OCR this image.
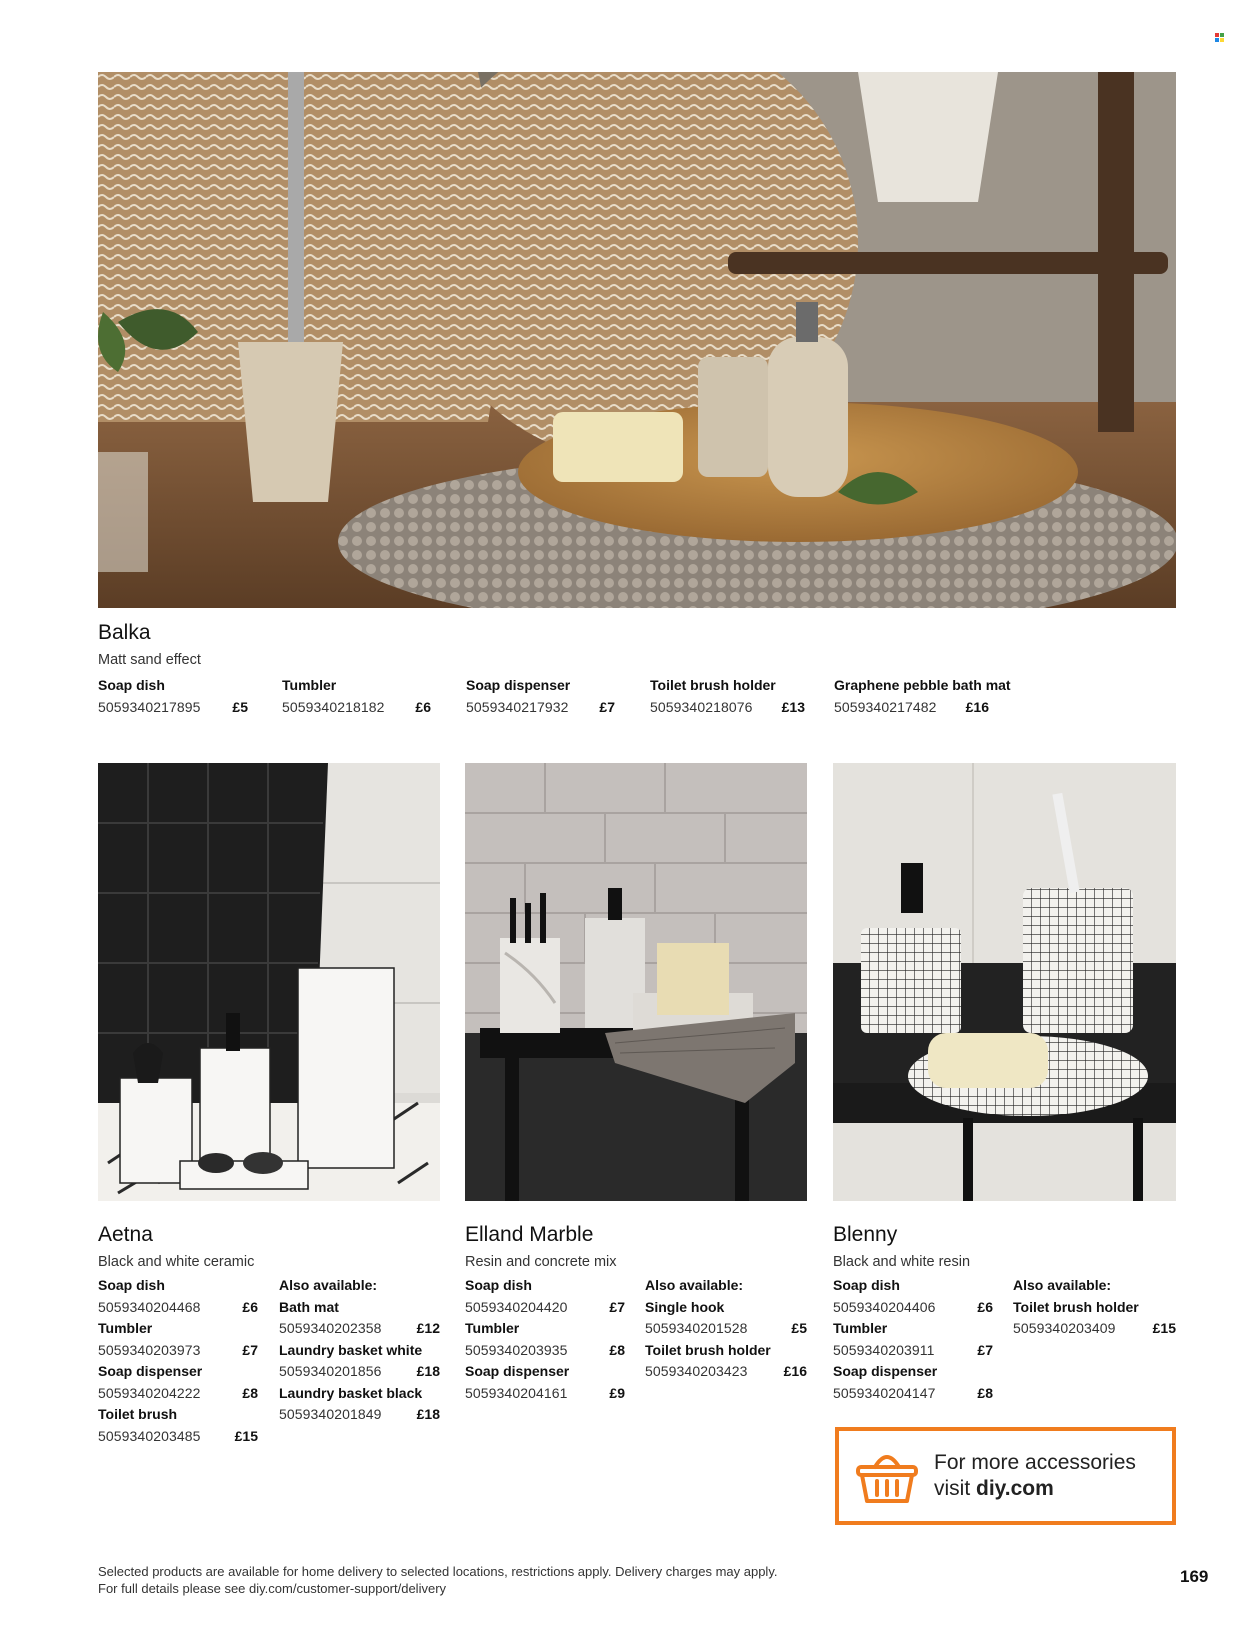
Balka
Matt sand effect
Soap dish
5059340217895 £5
Tumbler
5059340218182 £6
Soap dispenser
5059340217932 £7
Toilet brush holder
5059340218076 £13
Graphene pebble bath mat
5059340217482 £16
Aetna
Black and white ceramic
Soap dish
5059340204468	£6
Tumbler
5059340203973	£7
Soap dispenser
5059340204222	£8
Toilet brush
5059340203485 £15
Also available:
Bath mat
5059340202358	£12
Laundry basket white
5059340201856	£18
Laundry basket black
5059340201849	£18
Elland Marble
Resin and concrete mix
Soap dish
5059340204420	£7
Tumbler
5059340203935	£8
Soap dispenser
5059340204161	£9
Also available:
Single hook
5059340201528	£5
Toilet brush holder
5059340203423	£16
Blenny
Black and white resin
Soap dish
5059340204406	£6
Tumbler
5059340203911	£7
Soap dispenser
5059340204147	£8
Also available:
Toilet brush holder
5059340203409	£15
For more accessories
visit diy.com
Selected products are available for home delivery to selected locations, restrictions apply. Delivery charges may apply.
For full details please see diy.com/customer-support/delivery
169
